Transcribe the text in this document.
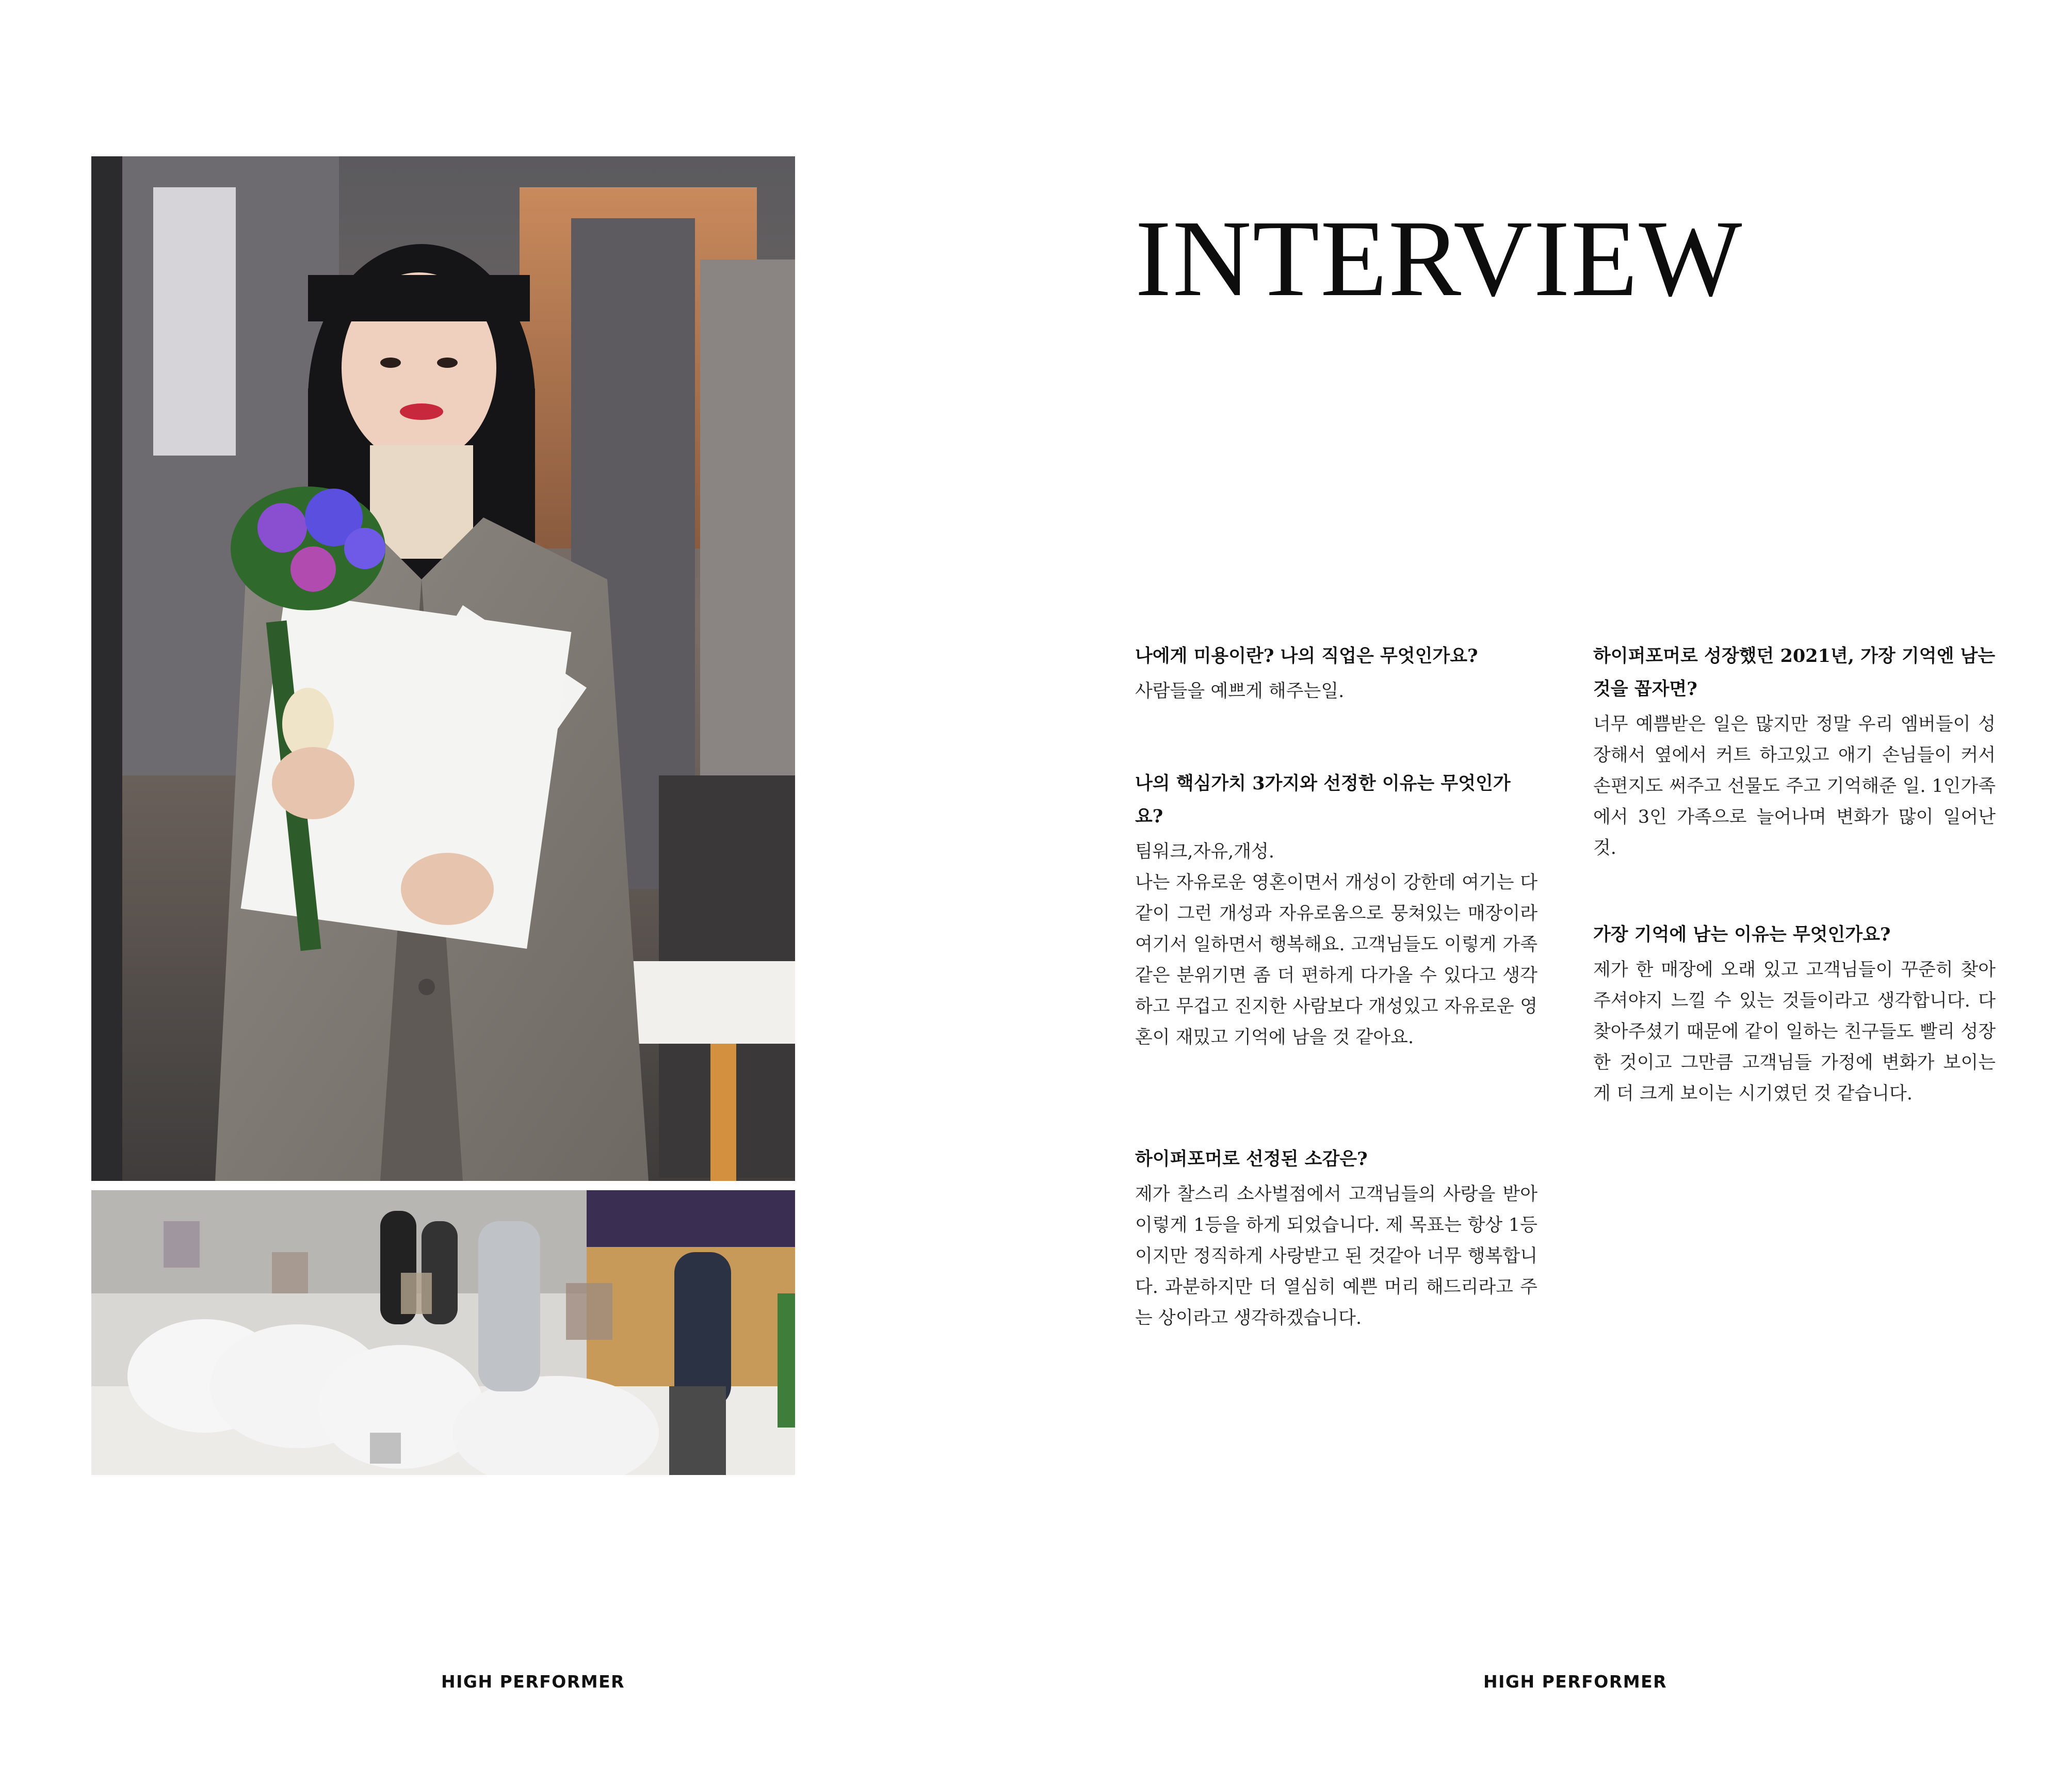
INTERVIEW

나에게 미용이란? 나의 직업은 무엇인가요?

사람들을 예쁘게 해주는일.

나의 핵심가치 3가지와 선정한 이유는 무엇인가요?

팀워크,자유,개성.
나는 자유로운 영혼이면서 개성이 강한데 여기는 다같이 그런 개성과 자유로움으로 뭉쳐있는 매장이라 여기서 일하면서 행복해요. 고객님들도 이렇게 가족같은 분위기면 좀 더 편하게 다가올 수 있다고 생각하고 무겁고 진지한 사람보다 개성있고 자유로운 영혼이 재밌고 기억에 남을 것 같아요.

하이퍼포머로 선정된 소감은?

제가 찰스리 소사벌점에서 고객님들의 사랑을 받아 이렇게 1등을 하게 되었습니다. 제 목표는 항상 1등이지만 정직하게 사랑받고 된 것같아 너무 행복합니다. 과분하지만 더 열심히 예쁜 머리 해드리라고 주는 상이라고 생각하겠습니다.

하이퍼포머로 성장했던 2021년, 가장 기억엔 남는 것을 꼽자면?

너무 예쁨받은 일은 많지만 정말 우리 엠버들이 성장해서 옆에서 커트 하고있고 애기 손님들이 커서 손편지도 써주고 선물도 주고 기억해준 일. 1인가족에서 3인 가족으로 늘어나며 변화가 많이 일어난 것.

가장 기억에 남는 이유는 무엇인가요?

제가 한 매장에 오래 있고 고객님들이 꾸준히 찾아 주셔야지 느낄 수 있는 것들이라고 생각합니다. 다 찾아주셨기 때문에 같이 일하는 친구들도 빨리 성장한 것이고 그만큼 고객님들 가정에 변화가 보이는 게 더 크게 보이는 시기였던 것 같습니다.

HIGH PERFORMER	HIGH PERFORMER
